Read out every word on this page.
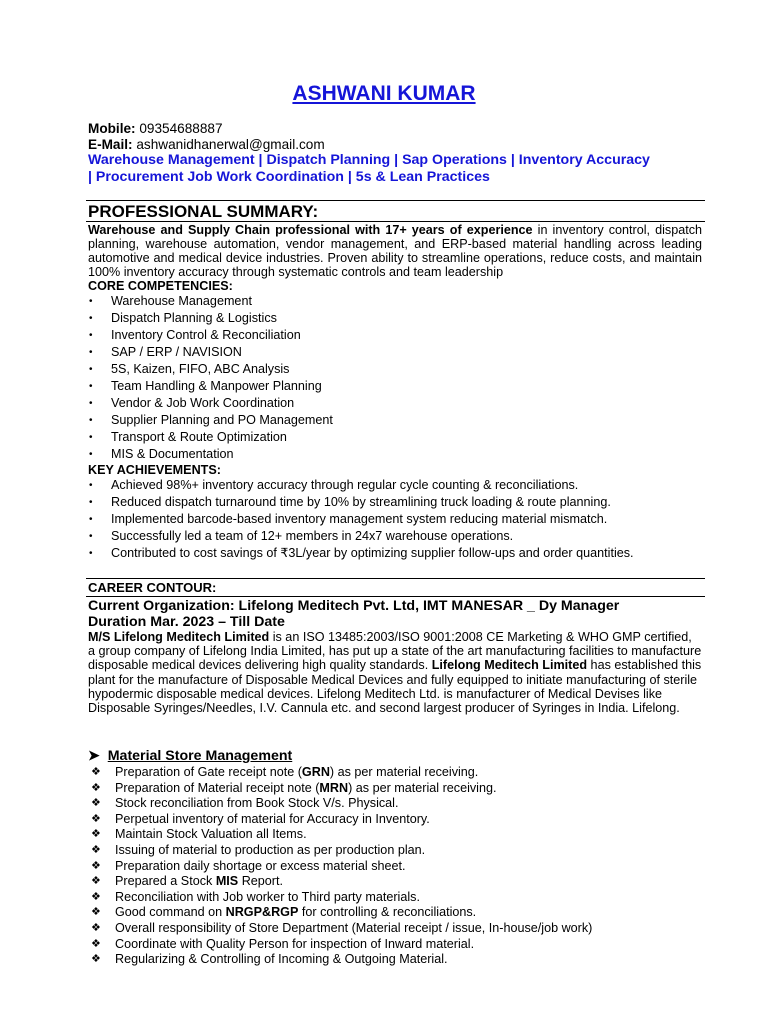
ASHWANI KUMAR
Mobile: 09354688887
E-Mail: ashwanidhanerwal@gmail.com
Warehouse Management | Dispatch Planning | Sap Operations | Inventory Accuracy
| Procurement Job Work Coordination | 5s & Lean Practices
PROFESSIONAL SUMMARY:
Warehouse and Supply Chain professional with 17+ years of experience in inventory control, dispatch planning, warehouse automation, vendor management, and ERP-based material handling across leading automotive and medical device industries. Proven ability to streamline operations, reduce costs, and maintain 100% inventory accuracy through systematic controls and team leadership
CORE COMPETENCIES:
• Warehouse Management
• Dispatch Planning & Logistics
• Inventory Control & Reconciliation
• SAP / ERP / NAVISION
• 5S, Kaizen, FIFO, ABC Analysis
• Team Handling & Manpower Planning
• Vendor & Job Work Coordination
• Supplier Planning and PO Management
• Transport & Route Optimization
• MIS & Documentation
KEY ACHIEVEMENTS:
• Achieved 98%+ inventory accuracy through regular cycle counting & reconciliations.
• Reduced dispatch turnaround time by 10% by streamlining truck loading & route planning.
• Implemented barcode-based inventory management system reducing material mismatch.
• Successfully led a team of 12+ members in 24x7 warehouse operations.
• Contributed to cost savings of ₹3L/year by optimizing supplier follow-ups and order quantities.
CAREER CONTOUR:
Current Organization: Lifelong Meditech Pvt. Ltd, IMT MANESAR _ Dy Manager
Duration Mar. 2023 – Till Date
M/S Lifelong Meditech Limited is an ISO 13485:2003/ISO 9001:2008 CE Marketing & WHO GMP certified, a group company of Lifelong India Limited, has put up a state of the art manufacturing facilities to manufacture disposable medical devices delivering high quality standards. Lifelong Meditech Limited has established this plant for the manufacture of Disposable Medical Devices and fully equipped to initiate manufacturing of sterile hypodermic disposable medical devices. Lifelong Meditech Ltd. is manufacturer of Medical Devises like Disposable Syringes/Needles, I.V. Cannula etc. and second largest producer of Syringes in India. Lifelong.
➤ Material Store Management
❖ Preparation of Gate receipt note (GRN) as per material receiving.
❖ Preparation of Material receipt note (MRN) as per material receiving.
❖ Stock reconciliation from Book Stock V/s. Physical.
❖ Perpetual inventory of material for Accuracy in Inventory.
❖ Maintain Stock Valuation all Items.
❖ Issuing of material to production as per production plan.
❖ Preparation daily shortage or excess material sheet.
❖ Prepared a Stock MIS Report.
❖ Reconciliation with Job worker to Third party materials.
❖ Good command on NRGP&RGP for controlling & reconciliations.
❖ Overall responsibility of Store Department (Material receipt / issue, In-house/job work)
❖ Coordinate with Quality Person for inspection of Inward material.
❖ Regularizing & Controlling of Incoming & Outgoing Material.
